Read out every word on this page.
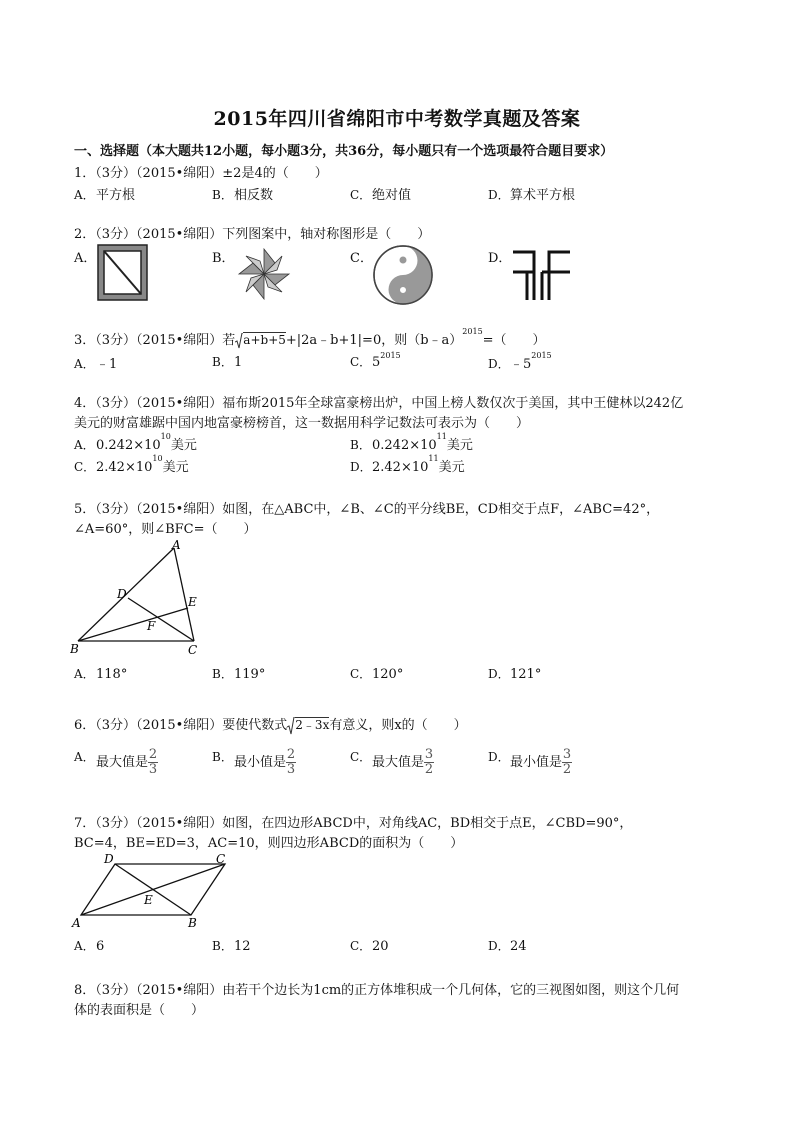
2015年四川省绵阳市中考数学真题及答案
一、选择题（本大题共12小题，每小题3分，共36分，每小题只有一个选项最符合题目要求）
1．（3分）（2015•绵阳）±2是4的（　　）
A．平方根	B．相反数	C．绝对值	D．算术平方根
2．（3分）（2015•绵阳）下列图案中，轴对称图形是（　　）
A．	B．	C．	D．
3．（3分）（2015•绵阳）若 a+b+5+|2a﹣b+1|=0，则（b﹣a）$^{2015}$=（　　）
A．﹣1	B．1	C．$5^{2015}$
D．$﹣5^{2015}$
4．（3分）（2015•绵阳）福布斯2015年全球富豪榜出炉，中国上榜人数仅次于美国，其中王健林以242亿
美元的财富雄踞中国内地富豪榜榜首，这一数据用科学记数法可表示为（　　）
A．$0.242\times 10^{10}$美元	B．$0.242\times 10^{11}$美元
C．$2.42\times 10^{10}$美元	D．$2.42\times 10^{11}$美元
5．（3分）（2015•绵阳）如图，在△ABC中，∠B、∠C的平分线BE，CD相交于点F，∠ABC=42°，
∠A=60°，则∠BFC=（　　）
A
B	C
D
E
F
A．118°	B．119°	C．120°	D．121°
6．（3分）（2015•绵阳）要使代数式 2﹣3x有意义，则x的（　　）
A．最大值是 $\frac{2}{3}$	B．最小值是 $\frac{2}{3}$	C．最大值是 $\frac{3}{2}$	D．最小值是 $\frac{3}{2}$
7．（3分）（2015•绵阳）如图，在四边形ABCD中，对角线AC，BD相交于点E，∠CBD=90°，
BC=4，BE=ED=3，AC=10，则四边形ABCD的面积为（　　）
D	C
A	B
E
A．6	B．12	C．20	D．24
8．（3分）（2015•绵阳）由若干个边长为1cm的正方体堆积成一个几何体，它的三视图如图，则这个几何
体的表面积是（　　）
